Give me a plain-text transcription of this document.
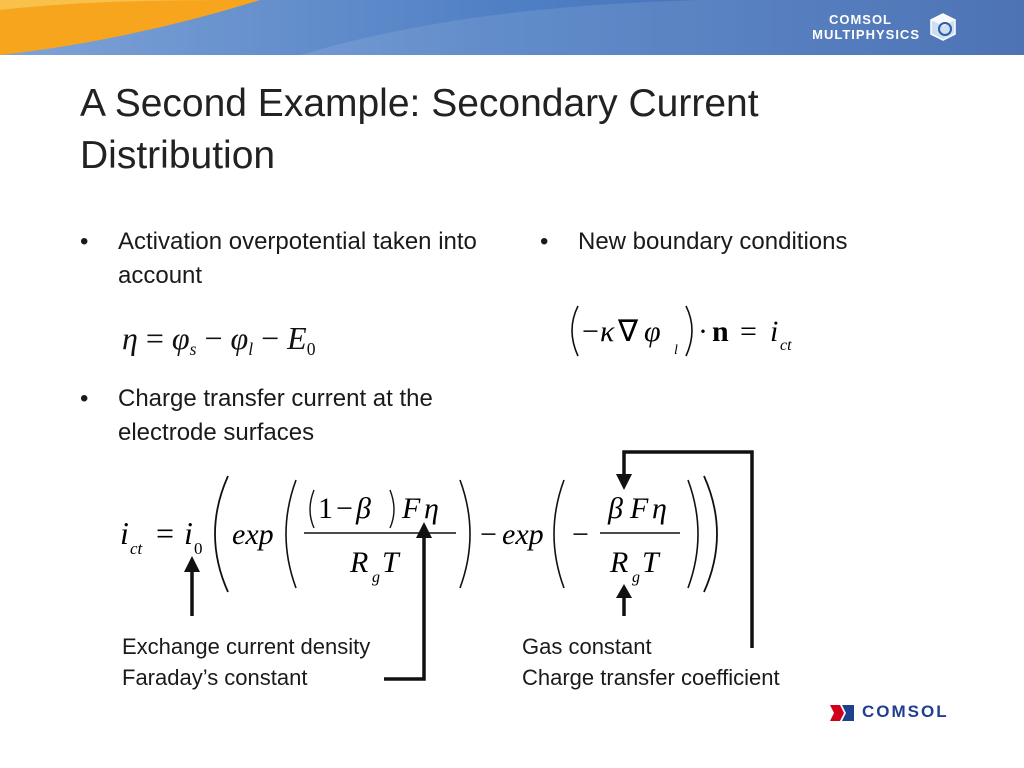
COMSOL
MULTIPHYSICS
A Second Example: Secondary Current Distribution
• Activation overpotential taken into account
$\eta = \varphi_s - \varphi_l - E0$
• Charge transfer current at the electrode surfaces
• New boundary conditions
− κ ∇ φ
l
· n = i ct
i ct = i 0 exp
1 − β F η
R g T
− exp −
β F η
R g T
Exchange current density
Faraday’s constant
Gas constant
Charge transfer coefficient
COMSOL
